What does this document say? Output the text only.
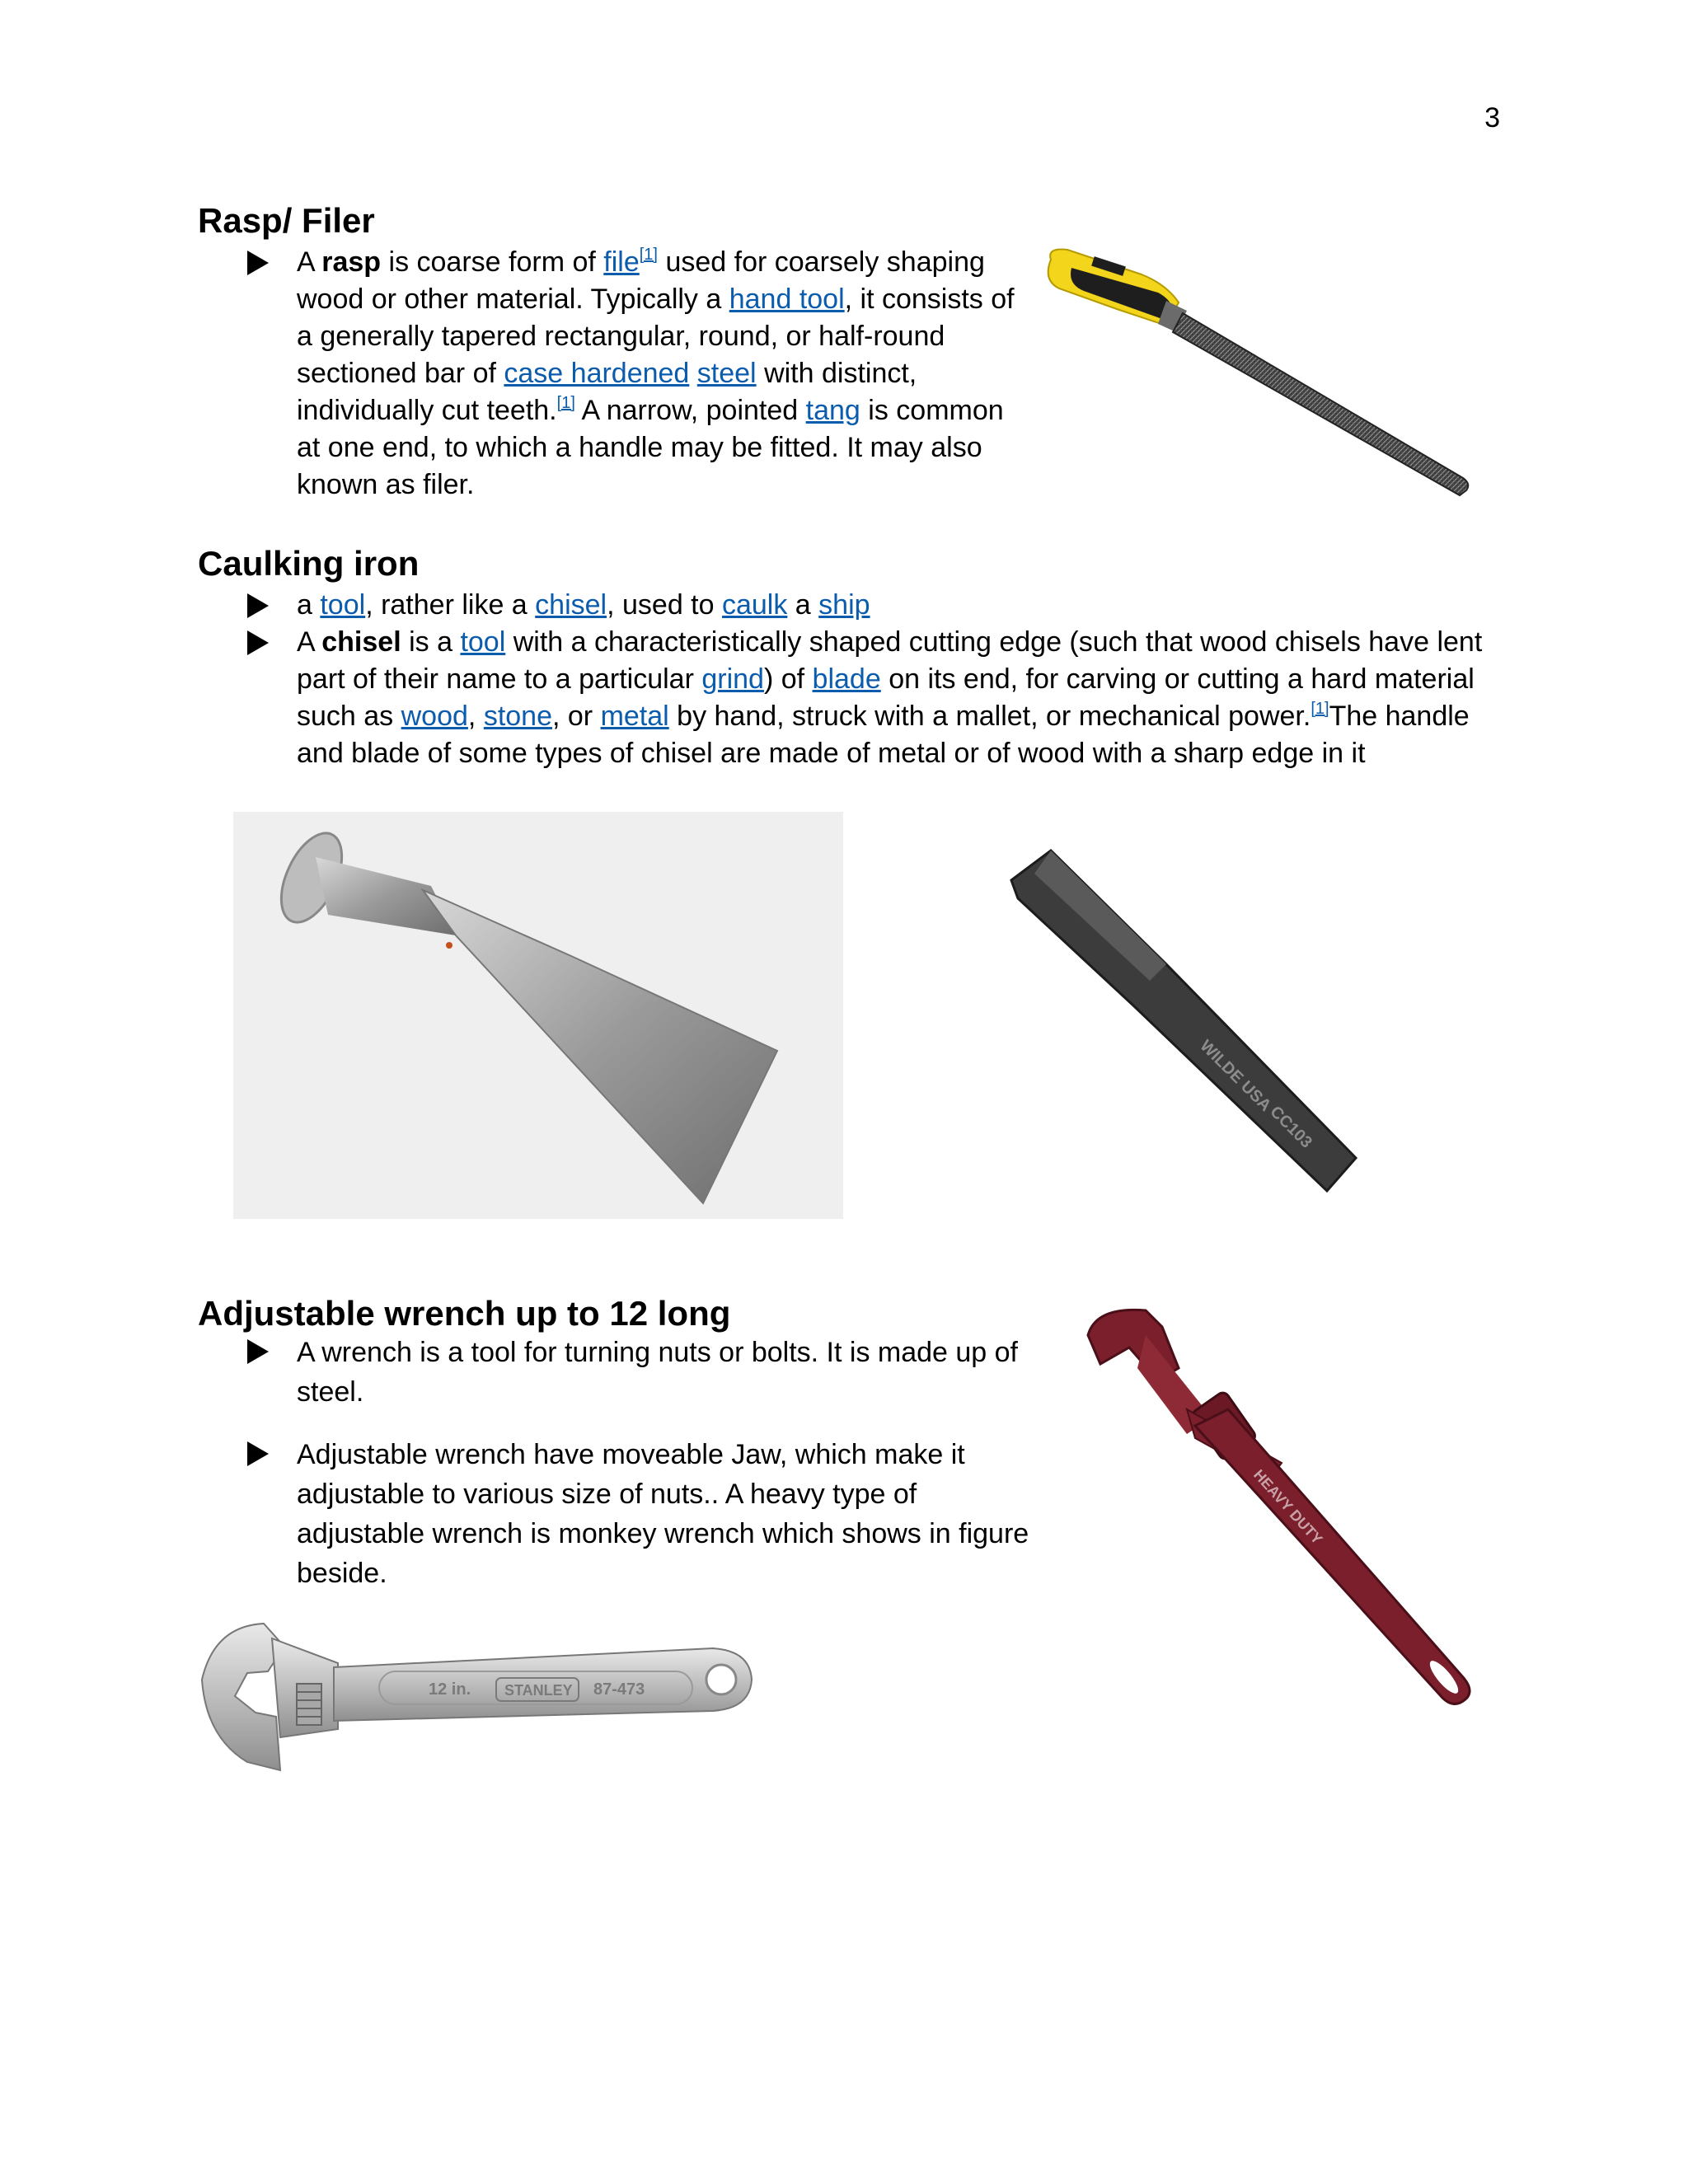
3
Rasp/ Filer
A rasp is coarse form of file[1] used for coarsely shaping wood or other material. Typically a hand tool, it consists of a generally tapered rectangular, round, or half-round sectioned bar of case hardened steel with distinct, individually cut teeth.[1] A narrow, pointed tang is common at one end, to which a handle may be fitted. It may also known as filer.
Caulking iron
a tool, rather like a chisel, used to caulk a ship
A chisel is a tool with a characteristically shaped cutting edge (such that wood chisels have lent part of their name to a particular grind) of blade on its end, for carving or cutting a hard material such as wood, stone, or metal by hand, struck with a mallet, or mechanical power.[1]The handle and blade of some types of chisel are made of metal or of wood with a sharp edge in it
WILDE USA
CC103
Adjustable wrench up to 12 long
A wrench is a tool for turning nuts or bolts. It is made up of steel.
Adjustable wrench have moveable Jaw, which make it adjustable to various size of nuts.. A heavy type of adjustable wrench is monkey wrench which shows in figure beside.
HEAVY DUTY
12 in. STANLEY 87-473
